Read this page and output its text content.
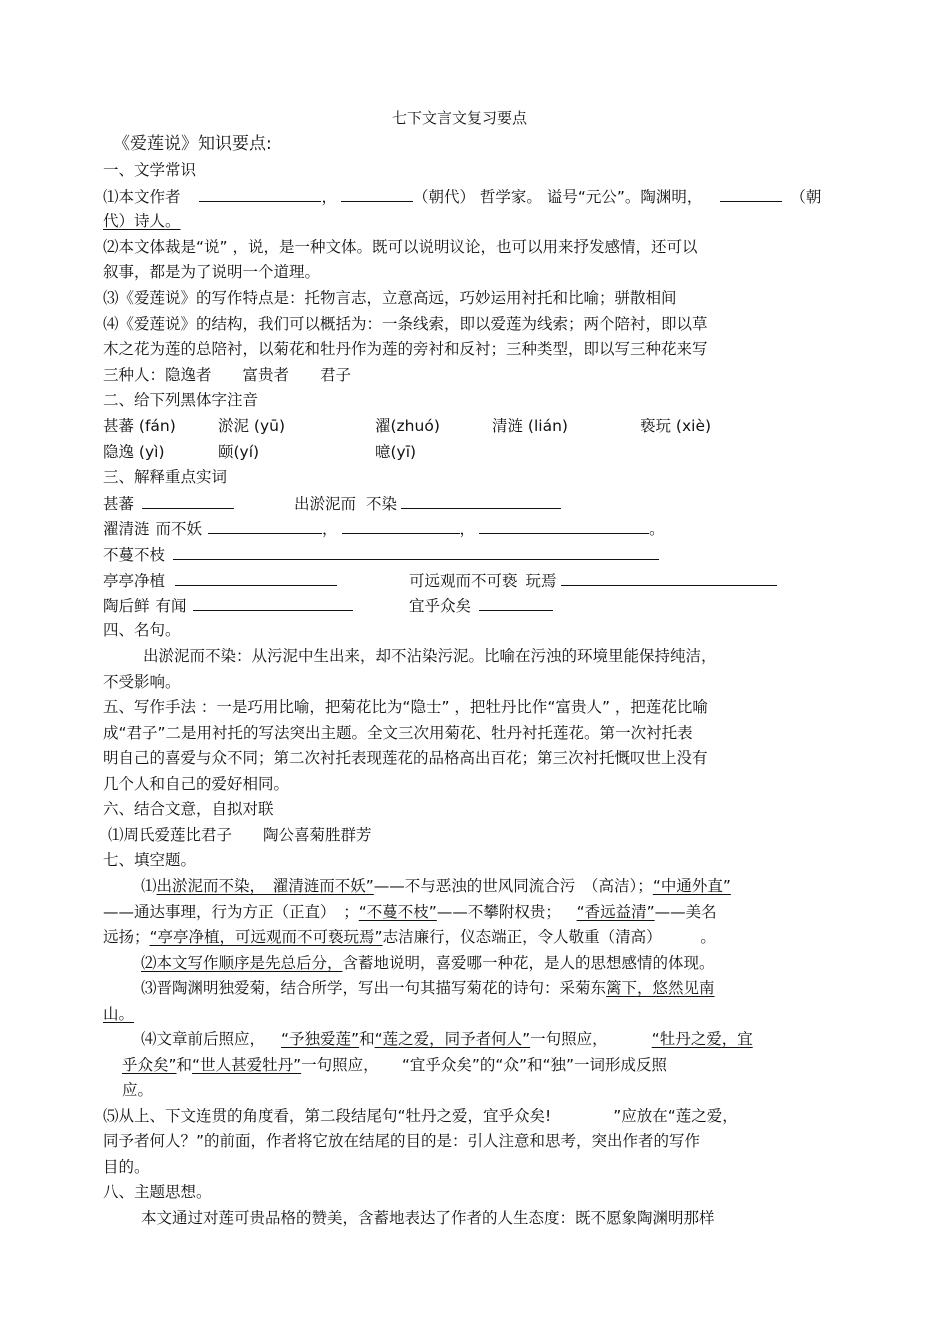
七下文言文复习要点
《爱莲说》知识要点:
一、文学常识
⑴本文作者	，	（朝代） 哲学家。 谥号“元公”。陶渊明，	（朝
代）诗人。
⑵本文体裁是“说” ，说，是一种文体。既可以说明议论，也可以用来抒发感情，还可以
叙事，都是为了说明一个道理。
⑶《爱莲说》的写作特点是：托物言志，立意高远，巧妙运用衬托和比喻；骈散相间
⑷《爱莲说》的结构，我们可以概括为：一条线索，即以爱莲为线索；两个陪衬，即以草
木之花为莲的总陪衬，以菊花和牡丹作为莲的旁衬和反衬；三种类型，即以写三种花来写
三种人：隐逸者　　富贵者　　君子
二、给下列黑体字注音
甚蕃 (fán)	淤泥 (yū)	濯(zhuó)	清涟 (lián)	亵玩 (xiè)
隐逸 (yì)	颐(yí)	噫(yī)
三、解释重点实词
甚蕃	出淤泥而 不染
濯清涟 而不妖	，	，	。
不蔓不枝
亭亭净植	可远观而不可亵 玩焉
陶后鲜 有闻	宜乎众矣
四、名句。
出淤泥而不染：从污泥中生出来，却不沾染污泥。比喻在污浊的环境里能保持纯洁，
不受影响。
五、写作手法 ：一是巧用比喻，把菊花比为“隐士” ，把牡丹比作“富贵人” ，把莲花比喻
成“君子”二是用衬托的写法突出主题。全文三次用菊花、牡丹衬托莲花。第一次衬托表
明自己的喜爱与众不同；第二次衬托表现莲花的品格高出百花；第三次衬托慨叹世上没有
几个人和自己的爱好相同。
六、结合文意，自拟对联
⑴周氏爱莲比君子　　陶公喜菊胜群芳
七、填空题。
⑴出淤泥而不染，　濯清涟而不妖”——不与恶浊的世风同流合污　（高洁）；“中通外直”
——通达事理，行为方正（正直）　；“不蔓不枝”——不攀附权贵；　“香远益清”——美名
远扬；“亭亭净植，可远观而不可亵玩焉”志洁廉行，仪态端正，令人敬重（清高）　　　。
⑵本文写作顺序是先总后分，含蓄地说明，喜爱哪一种花，是人的思想感情的体现。
⑶晋陶渊明独爱菊，结合所学，写出一句其描写菊花的诗句：采菊东篱下，悠然见南
山。
⑷文章前后照应， “予独爱莲”和“莲之爱，同予者何人”一句照应，	“牡丹之爱，宜
乎众矣”和“世人甚爱牡丹”一句照应，　　“宜乎众矣”的“众”和“独”一词形成反照
应。
⑸从上、下文连贯的角度看，第二段结尾句“牡丹之爱，宜乎众矣!　　　　”应放在“莲之爱，
同予者何人？”的前面，作者将它放在结尾的目的是：引人注意和思考，突出作者的写作
目的。
八、主题思想。
本文通过对莲可贵品格的赞美，含蓄地表达了作者的人生态度：既不愿象陶渊明那样
